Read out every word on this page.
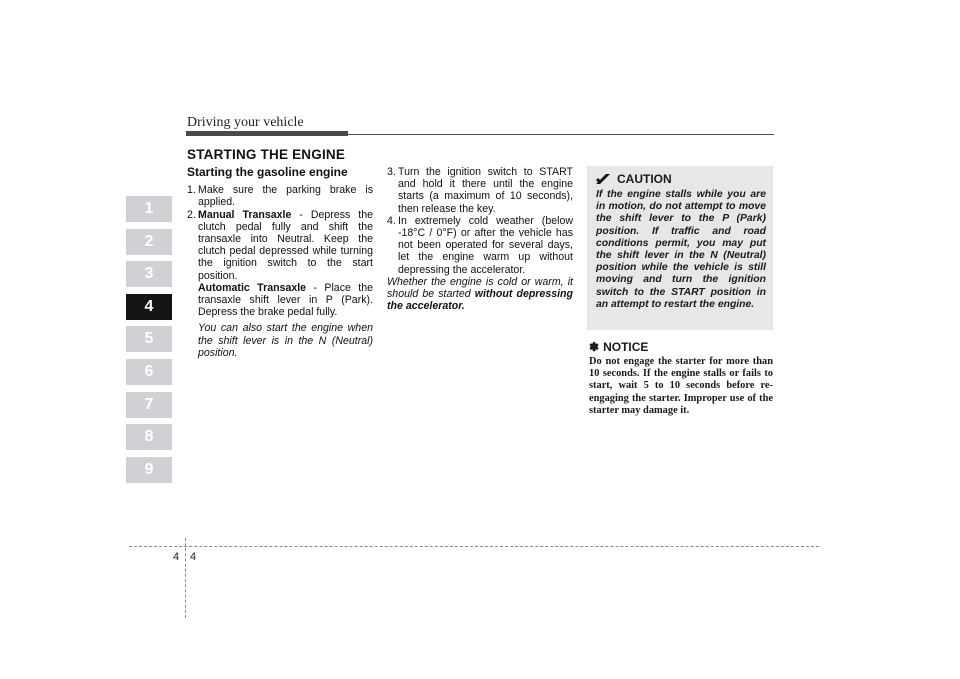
Driving your vehicle
1
2
3
4
5
6
7
8
9
STARTING THE ENGINE
Starting the gasoline engine

1. Make sure the parking brake is applied.

2. Manual Transaxle - Depress the clutch pedal fully and shift the transaxle into Neutral. Keep the clutch pedal depressed while turning the ignition switch to the start position.

Automatic Transaxle - Place the transaxle shift lever in P (Park). Depress the brake pedal fully.

You can also start the engine when the shift lever is in the N (Neutral) position.

3. Turn the ignition switch to START and hold it there until the engine starts (a maximum of 10 seconds), then release the key.

4. In extremely cold weather (below -18°C / 0°F) or after the vehicle has not been operated for several days, let the engine warm up without depressing the accelerator.

Whether the engine is cold or warm, it should be started without depressing the accelerator.

CAUTION
If the engine stalls while you are in motion, do not attempt to move the shift lever to the P (Park) position. If traffic and road conditions permit, you may put the shift lever in the N (Neutral) position while the vehicle is still moving and turn the ignition switch to the START position in an attempt to restart the engine.
✽ NOTICE
Do not engage the starter for more than 10 seconds. If the engine stalls or fails to start, wait 5 to 10 seconds before re-engaging the starter. Improper use of the starter may damage it.
4 4
